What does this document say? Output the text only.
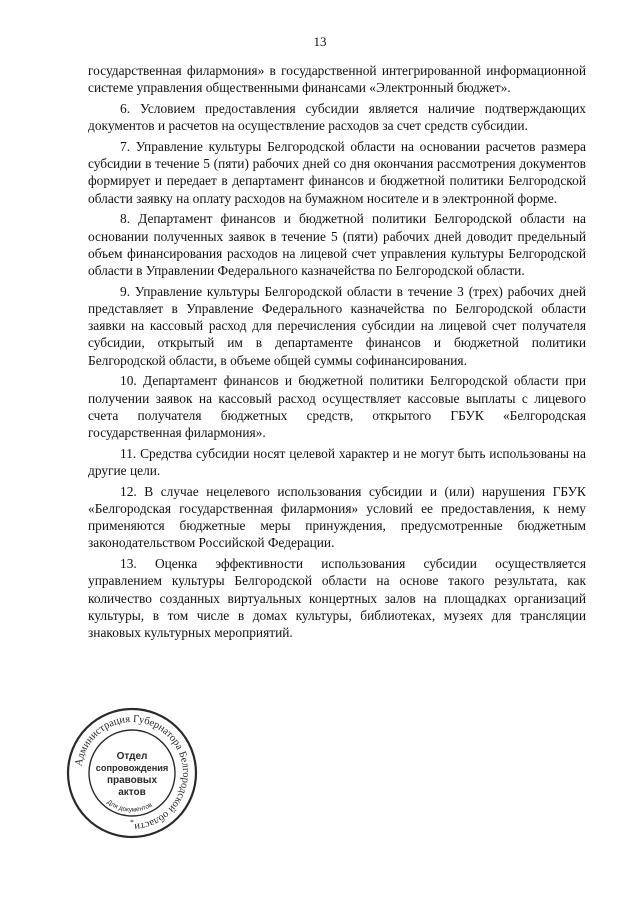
13

государственная филармония» в государственной интегрированной информационной системе управления общественными финансами «Электронный бюджет».

6. Условием предоставления субсидии является наличие подтверждающих документов и расчетов на осуществление расходов за счет средств субсидии.

7. Управление культуры Белгородской области на основании расчетов размера субсидии в течение 5 (пяти) рабочих дней со дня окончания рассмотрения документов формирует и передает в департамент финансов и бюджетной политики Белгородской области заявку на оплату расходов на бумажном носителе и в электронной форме.

8. Департамент финансов и бюджетной политики Белгородской области на основании полученных заявок в течение 5 (пяти) рабочих дней доводит предельный объем финансирования расходов на лицевой счет управления культуры Белгородской области в Управлении Федерального казначейства по Белгородской области.

9. Управление культуры Белгородской области в течение 3 (трех) рабочих дней представляет в Управление Федерального казначейства по Белгородской области заявки на кассовый расход для перечисления субсидии на лицевой счет получателя субсидии, открытый им в департаменте финансов и бюджетной политики Белгородской области, в объеме общей суммы софинансирования.

10. Департамент финансов и бюджетной политики Белгородской области при получении заявок на кассовый расход осуществляет кассовые выплаты с лицевого счета получателя бюджетных средств, открытого ГБУК «Белгородская государственная филармония».

11. Средства субсидии носят целевой характер и не могут быть использованы на другие цели.

12. В случае нецелевого использования субсидии и (или) нарушения ГБУК «Белгородская государственная филармония» условий ее предоставления, к нему применяются бюджетные меры принуждения, предусмотренные бюджетным законодательством Российской Федерации.

13. Оценка эффективности использования субсидии осуществляется управлением культуры Белгородской области на основе такого результата, как количество созданных виртуальных концертных залов на площадках организаций культуры, в том числе в домах культуры, библиотеках, музеях для трансляции знаковых культурных мероприятий.

Администрация Губернатора Белгородской области
Для документов
*
Отдел
сопровождения
правовых
актов
